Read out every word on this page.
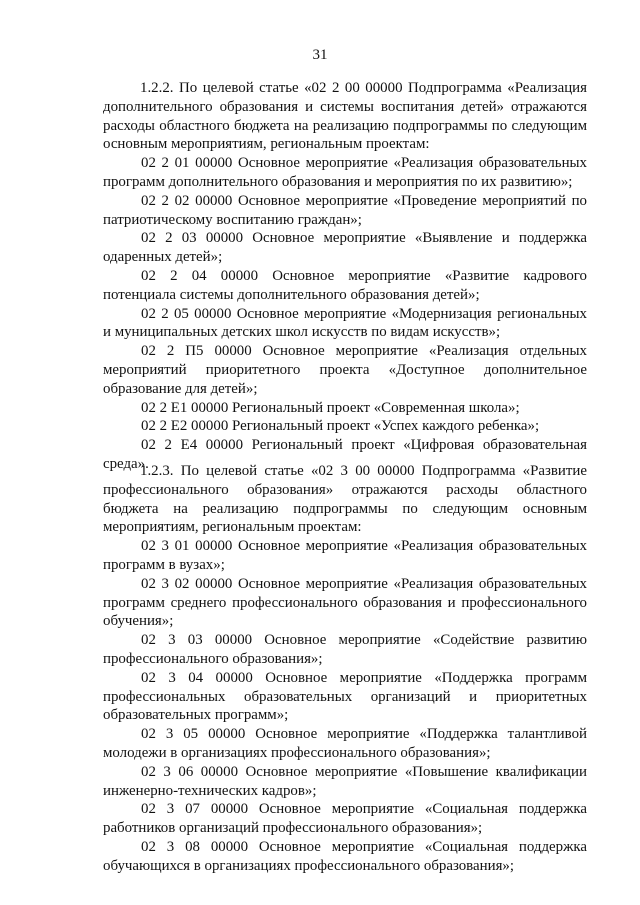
31

1.2.2. По целевой статье «02 2 00 00000 Подпрограмма «Реализация дополнительного образования и системы воспитания детей» отражаются расходы областного бюджета на реализацию подпрограммы по следующим основным мероприятиям, региональным проектам:

02 2 01 00000 Основное мероприятие «Реализация образовательных программ дополнительного образования и мероприятия по их развитию»;

02 2 02 00000 Основное мероприятие «Проведение мероприятий по патриотическому воспитанию граждан»;

02 2 03 00000 Основное мероприятие «Выявление и поддержка одаренных детей»;

02 2 04 00000 Основное мероприятие «Развитие кадрового потенциала системы дополнительного образования детей»;

02 2 05 00000 Основное мероприятие «Модернизация региональных и муниципальных детских школ искусств по видам искусств»;

02 2 П5 00000 Основное мероприятие «Реализация отдельных мероприятий приоритетного проекта «Доступное дополнительное образование для детей»;

02 2 Е1 00000 Региональный проект «Современная школа»;

02 2 Е2 00000 Региональный проект «Успех каждого ребенка»;

02 2 Е4 00000 Региональный проект «Цифровая образовательная среда».

1.2.3. По целевой статье «02 3 00 00000 Подпрограмма «Развитие профессионального образования» отражаются расходы областного бюджета на реализацию подпрограммы по следующим основным мероприятиям, региональным проектам:

02 3 01 00000 Основное мероприятие «Реализация образовательных программ в вузах»;

02 3 02 00000 Основное мероприятие «Реализация образовательных программ среднего профессионального образования и профессионального обучения»;

02 3 03 00000 Основное мероприятие «Содействие развитию профессионального образования»;

02 3 04 00000 Основное мероприятие «Поддержка программ профессиональных образовательных организаций и приоритетных образовательных программ»;

02 3 05 00000 Основное мероприятие «Поддержка талантливой молодежи в организациях профессионального образования»;

02 3 06 00000 Основное мероприятие «Повышение квалификации инженерно-технических кадров»;

02 3 07 00000 Основное мероприятие «Социальная поддержка работников организаций профессионального образования»;

02 3 08 00000 Основное мероприятие «Социальная поддержка обучающихся в организациях профессионального образования»;
